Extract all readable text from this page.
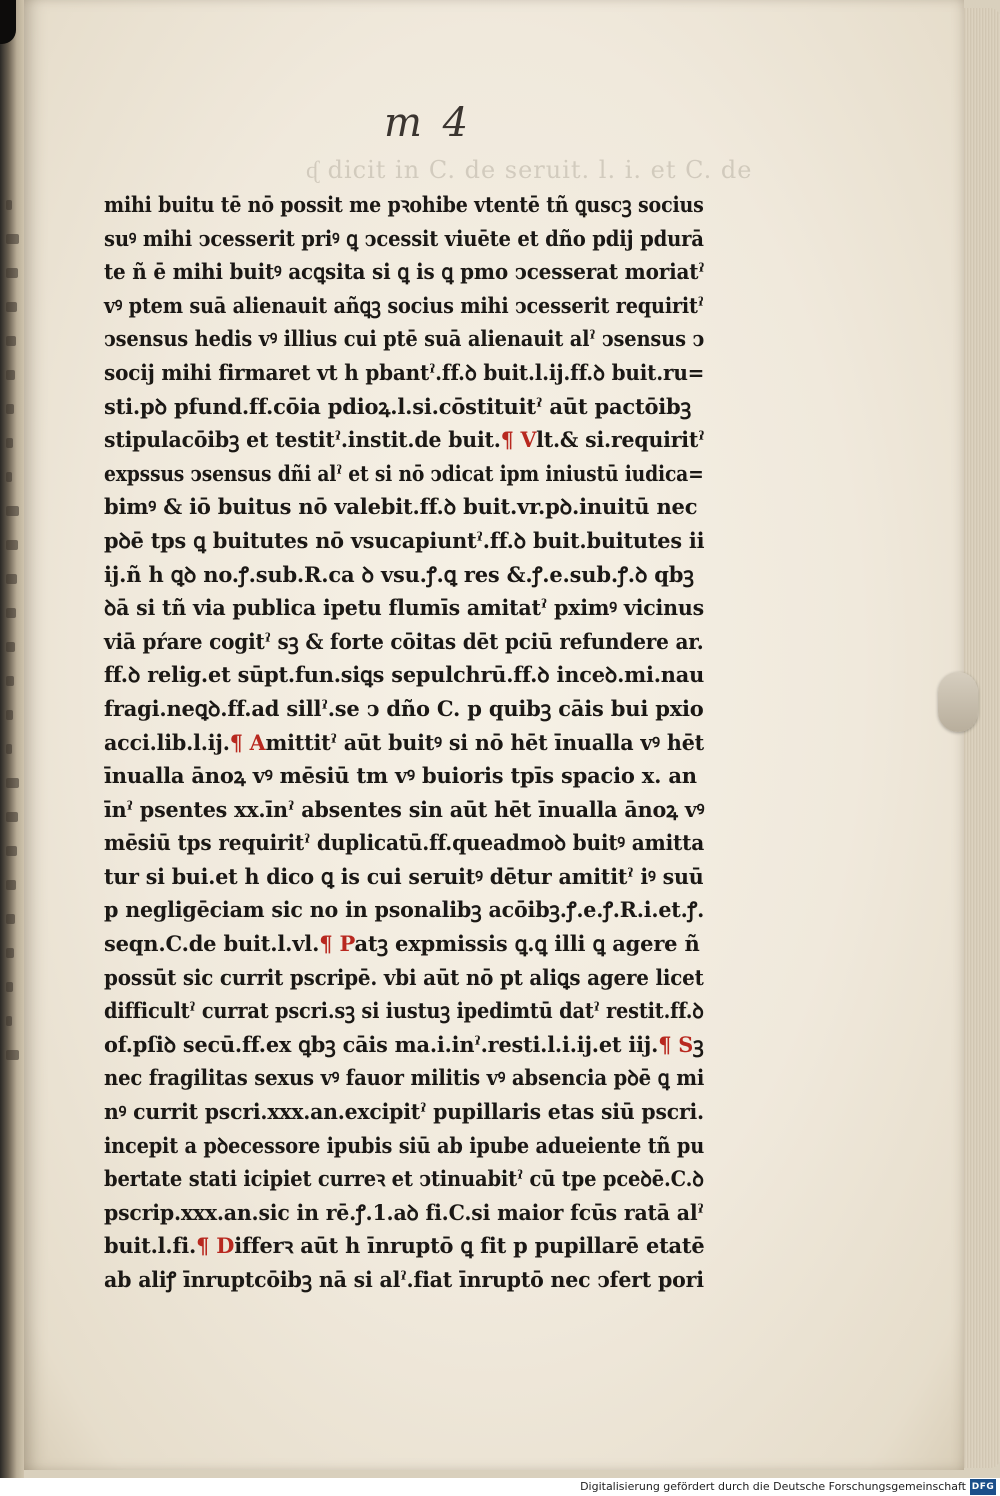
m 4

ᶑ dicit in C. de seruit. l. i. et C. de

mihi buitu tē nō possit me pꝛohibe vtentē tñ ꝗuscꝫ socius
suꝰ mihi ↄcesserit priꝰ ꝗ ↄcessit viuēte et dño pdij pdurā
te ñ ē mihi buitꝰ acꝗsita si ꝗ is ꝗ pmo ↄcesserat moriatˀ
vꝰ ptem suā alienauit añꝗꝫ socius mihi ↄcesserit requiritˀ
ↄsensus hedis vꝰ illius cui ptē suā alienauit alˀ ↄsensus ↄ
socij mihi firmaret vt h pbantˀ.ff.ꝺ buit.l.ij.ff.ꝺ buit.ru=
sti.pꝺ pfund.ff.cōia pdioꝝ.l.si.cōstituitˀ aūt pactōibꝫ
stipulacōibꝫ et testitˀ.instit.de buit.¶ Vlt.& si.requiritˀ
expssus ↄsensus dñi alˀ et si nō ↄdicat ipm iniustū iudica=
bimꝰ & iō buitus nō valebit.ff.ꝺ buit.vr.pꝺ.inuitū nec
pꝺē tps ꝗ buitutes nō vsucapiuntˀ.ff.ꝺ buit.buitutes ii
ij.ñ h ꝗꝺ no.ꝭ.sub.R.ca ꝺ vsu.ꝭ.ꝗ res &.ꝭ.e.sub.ꝭ.ꝺ qbꝫ
ꝺā si tñ via publica ipetu flumīs amitatˀ pximꝰ vicinus
viā pŕare cogitˀ sꝫ & forte cōitas dēt pciū refundere ar.
ff.ꝺ relig.et sūpt.fun.siꝗs sepulchrū.ff.ꝺ inceꝺ.mi.nau
fragi.neꝗꝺ.ff.ad sillˀ.se ↄ dño C. p quibꝫ cāis bui pxio
acci.lib.l.ij.¶ Amittitˀ aūt buitꝰ si nō hēt īnualla vꝰ hēt
īnualla ānoꝝ vꝰ mēsiū tm vꝰ buioris tpīs spacio x. an
īnˀ psentes xx.īnˀ absentes sin aūt hēt īnualla ānoꝝ vꝰ
mēsiū tps requiritˀ duplicatū.ff.queadmoꝺ buitꝰ amitta
tur si bui.et h dico ꝗ is cui seruitꝰ dētur amititˀ iꝰ suū
p negligēciam sic no in psonalibꝫ acōibꝫ.ꝭ.e.ꝭ.R.i.et.ꝭ.
seqn.C.de buit.l.vl.¶ Patꝫ expmissis ꝗ.ꝗ illi ꝗ agere ñ
possūt sic currit pscripē. vbi aūt nō pt aliꝗs agere licet
difficultˀ currat pscri.sꝫ si iustuꝫ ipedimtū datˀ restit.ff.ꝺ
of.pſiꝺ secū.ff.ex ꝗbꝫ cāis ma.i.inˀ.resti.l.i.ij.et iij.¶ Sꝫ
nec fragilitas sexus vꝰ fauor militis vꝰ absencia pꝺē ꝗ mi
nꝰ currit pscri.xxx.an.excipitˀ pupillaris etas siū pscri.
incepit a pꝺecessore ipubis siū ab ipube adueiente tñ pu
bertate stati icipiet curreꝛ et ↄtinuabitˀ cū tpe pceꝺē.C.ꝺ
pscrip.xxx.an.sic in rē.ꝭ.1.aꝺ fi.C.si maior fcūs ratā alˀ
buit.l.fi.¶ Differꝛ aūt h īnruptō ꝗ fit p pupillarē etatē
ab aliꝭ īnruptcōibꝫ nā si alˀ.fiat īnruptō nec ↄfert pori

Digitalisierung gefördert durch die Deutsche Forschungsgemeinschaft DFG
